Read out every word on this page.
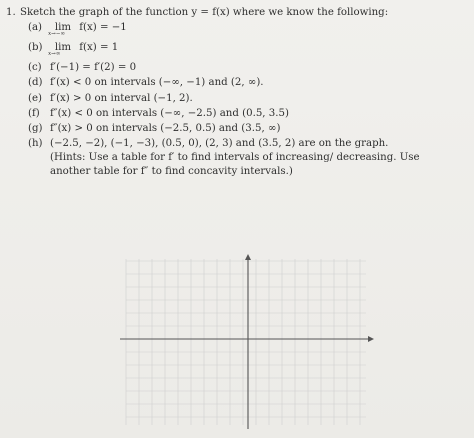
1. Sketch the graph of the function y = f(x) where we know the following:
(a)	lim
x→−∞
f(x) = −1
(b)	lim
x→∞
f(x) = 1
(c) f′(−1) = f′(2) = 0
(d) f′(x) < 0 on intervals (−∞, −1) and (2, ∞).
(e) f′(x) > 0 on interval (−1, 2).
(f)	f″(x) < 0 on intervals (−∞, −2.5) and (0.5, 3.5)
(g) f″(x) > 0 on intervals (−2.5, 0.5) and (3.5, ∞)
(h) (−2.5, −2), (−1, −3), (0.5, 0), (2, 3) and (3.5, 2) are on the graph.
(Hints: Use a table for f′ to find intervals of increasing/ decreasing. Use another table for f″ to find concavity intervals.)
